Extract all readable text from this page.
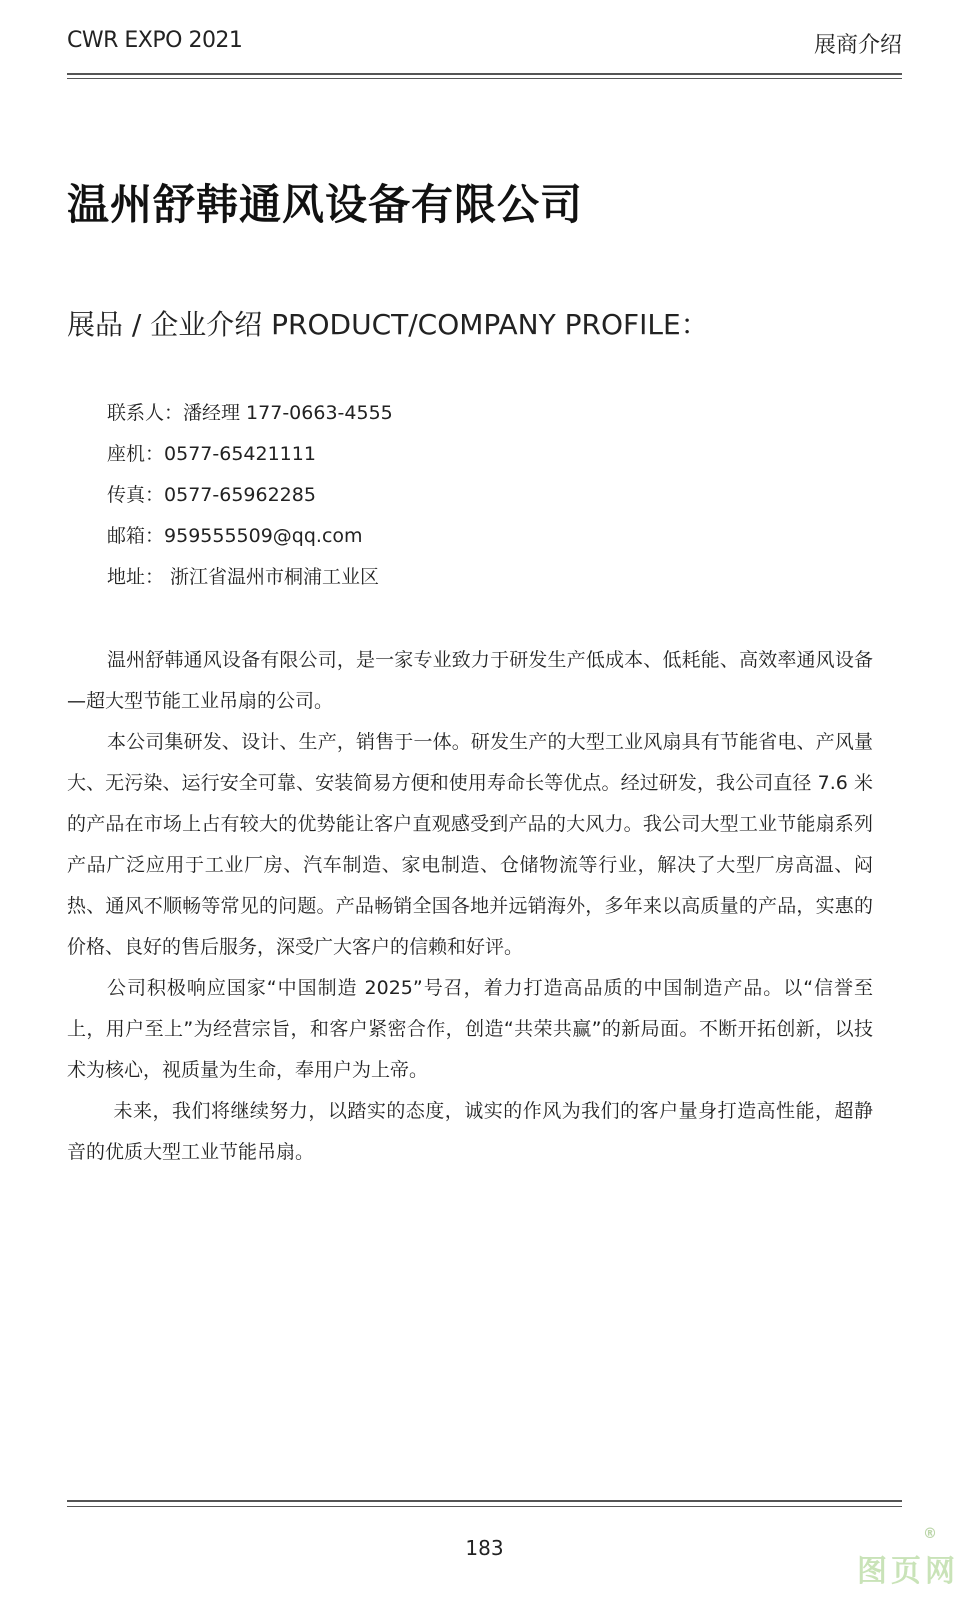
CWR EXPO 2021	展商介绍
温州舒韩通风设备有限公司
展品 / 企业介绍 PRODUCT/COMPANY PROFILE：
联系人：潘经理 177-0663-4555
座机：0577-65421111
传真：0577-65962285
邮箱：959555509@qq.com
地址： 浙江省温州市桐浦工业区

温州舒韩通风设备有限公司，是一家专业致力于研发生产低成本、低耗能、高效率通风设备—超大型节能工业吊扇的公司。

本公司集研发、设计、生产，销售于一体。研发生产的大型工业风扇具有节能省电、产风量大、无污染、运行安全可靠、安装简易方便和使用寿命长等优点。经过研发，我公司直径 7.6 米的产品在市场上占有较大的优势能让客户直观感受到产品的大风力。我公司大型工业节能扇系列产品广泛应用于工业厂房、汽车制造、家电制造、仓储物流等行业，解决了大型厂房高温、闷热、通风不顺畅等常见的问题。产品畅销全国各地并远销海外，多年来以高质量的产品，实惠的价格、良好的售后服务，深受广大客户的信赖和好评。

公司积极响应国家“中国制造 2025”号召，着力打造高品质的中国制造产品。以“信誉至上，用户至上”为经营宗旨，和客户紧密合作，创造“共荣共赢”的新局面。不断开拓创新，以技术为核心，视质量为生命，奉用户为上帝。

未来，我们将继续努力，以踏实的态度，诚实的作风为我们的客户量身打造高性能，超静音的优质大型工业节能吊扇。

183
图页网
®
